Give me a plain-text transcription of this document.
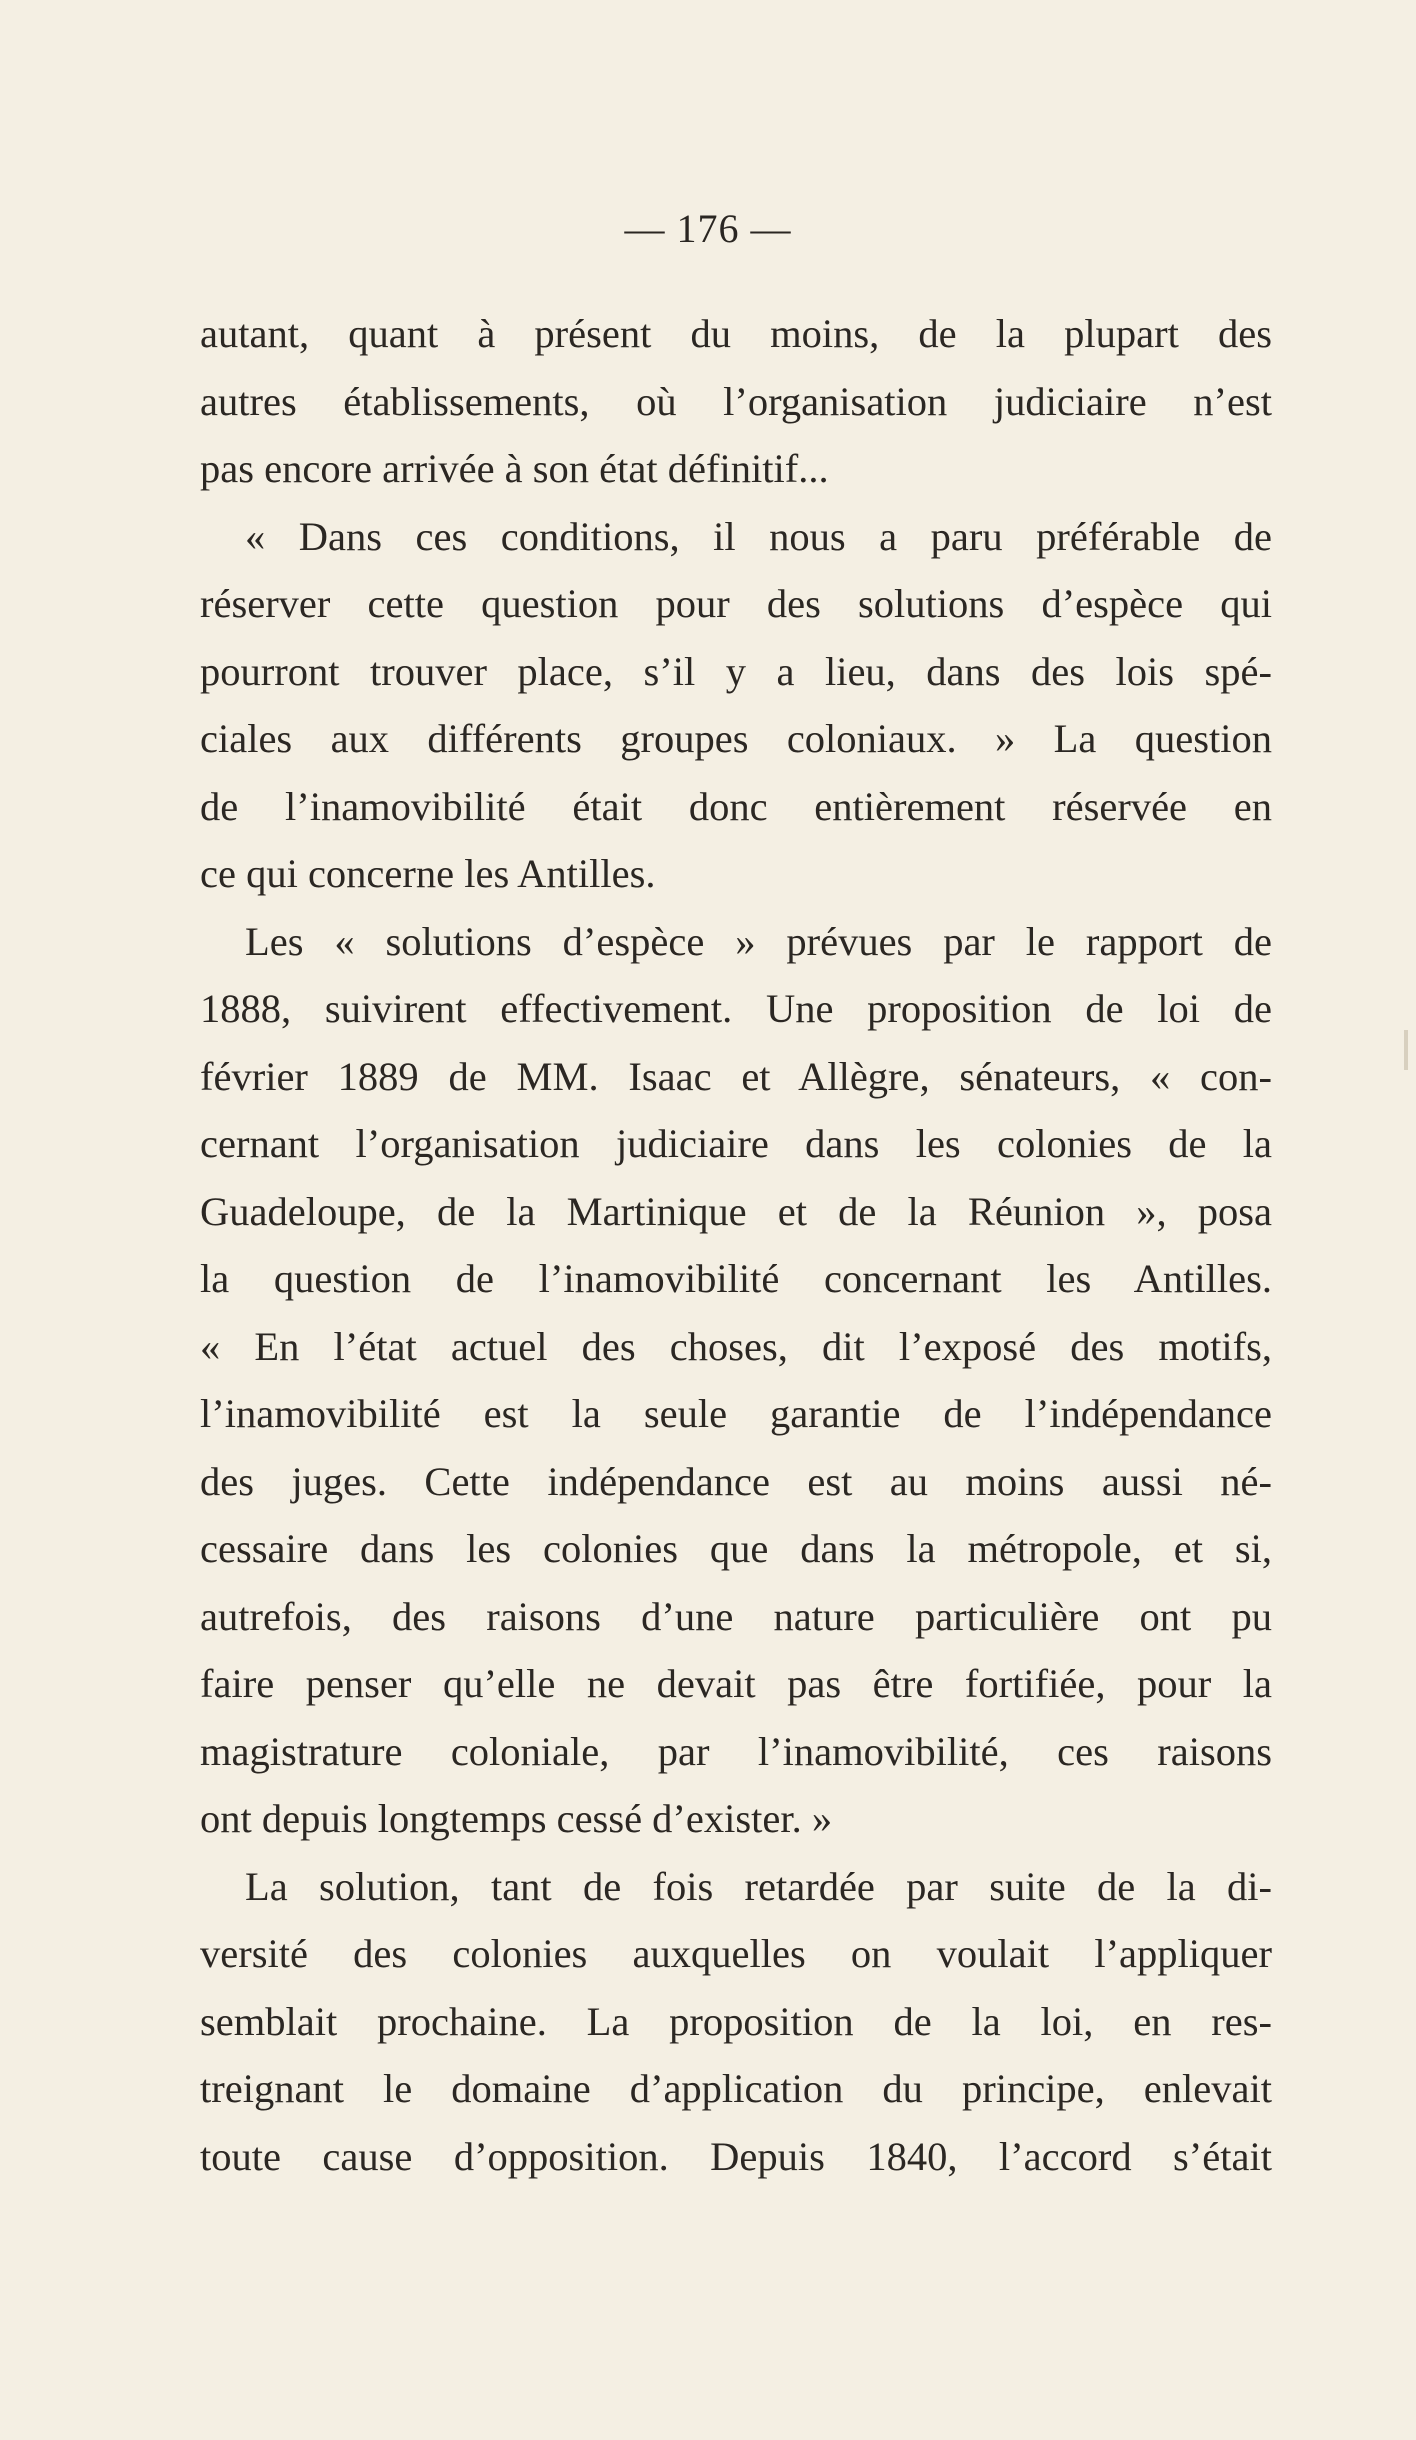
— 176 —
autant, quant à présent du moins, de la plupart des
autres établissements, où l’organisation judiciaire n’est
pas encore arrivée à son état définitif...
« Dans ces conditions, il nous a paru préférable de
réserver cette question pour des solutions d’espèce qui
pourront trouver place, s’il y a lieu, dans des lois spé-
ciales aux différents groupes coloniaux. » La question
de l’inamovibilité était donc entièrement réservée en
ce qui concerne les Antilles.
Les « solutions d’espèce » prévues par le rapport de
1888, suivirent effectivement. Une proposition de loi de
février 1889 de MM. Isaac et Allègre, sénateurs, « con-
cernant l’organisation judiciaire dans les colonies de la
Guadeloupe, de la Martinique et de la Réunion », posa
la question de l’inamovibilité concernant les Antilles.
« En l’état actuel des choses, dit l’exposé des motifs,
l’inamovibilité est la seule garantie de l’indépendance
des juges. Cette indépendance est au moins aussi né-
cessaire dans les colonies que dans la métropole, et si,
autrefois, des raisons d’une nature particulière ont pu
faire penser qu’elle ne devait pas être fortifiée, pour la
magistrature coloniale, par l’inamovibilité, ces raisons
ont depuis longtemps cessé d’exister. »
La solution, tant de fois retardée par suite de la di-
versité des colonies auxquelles on voulait l’appliquer
semblait prochaine. La proposition de la loi, en res-
treignant le domaine d’application du principe, enlevait
toute cause d’opposition. Depuis 1840, l’accord s’était
